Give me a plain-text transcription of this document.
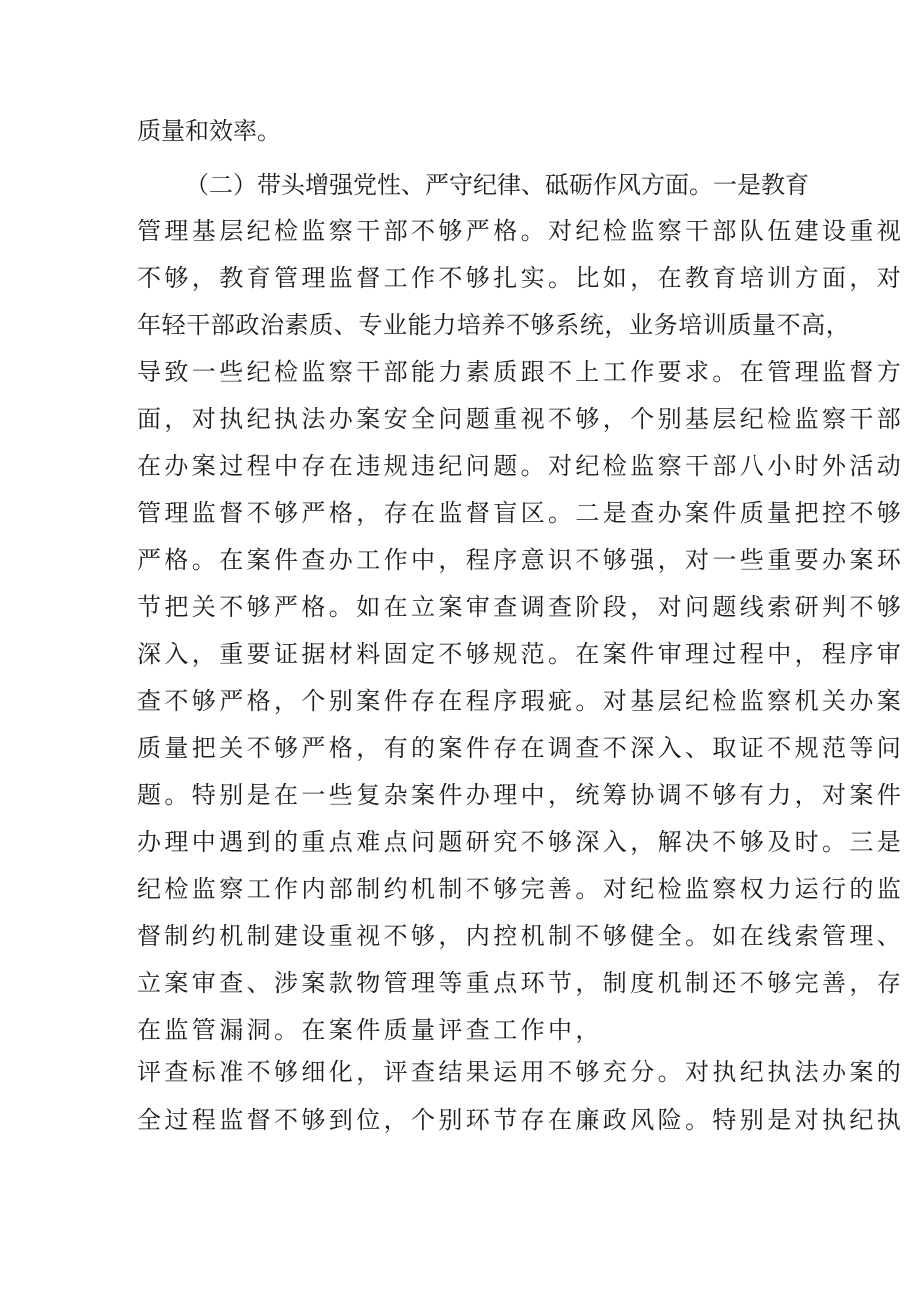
质量和效率。

（二）带头增强党性、严守纪律、砥砺作风方面。一是教育

管理基层纪检监察干部不够严格。对纪检监察干部队伍建设重视

不够，教育管理监督工作不够扎实。比如，在教育培训方面，对

年轻干部政治素质、专业能力培养不够系统，业务培训质量不高，

导致一些纪检监察干部能力素质跟不上工作要求。在管理监督方

面，对执纪执法办案安全问题重视不够，个别基层纪检监察干部

在办案过程中存在违规违纪问题。对纪检监察干部八小时外活动

管理监督不够严格，存在监督盲区。二是查办案件质量把控不够

严格。在案件查办工作中，程序意识不够强，对一些重要办案环

节把关不够严格。如在立案审查调查阶段，对问题线索研判不够

深入，重要证据材料固定不够规范。在案件审理过程中，程序审

查不够严格，个别案件存在程序瑕疵。对基层纪检监察机关办案

质量把关不够严格，有的案件存在调查不深入、取证不规范等问

题。特别是在一些复杂案件办理中，统筹协调不够有力，对案件

办理中遇到的重点难点问题研究不够深入，解决不够及时。三是

纪检监察工作内部制约机制不够完善。对纪检监察权力运行的监

督制约机制建设重视不够，内控机制不够健全。如在线索管理、

立案审查、涉案款物管理等重点环节，制度机制还不够完善，存

在监管漏洞。在案件质量评查工作中，

评查标准不够细化，评查结果运用不够充分。对执纪执法办案的

全过程监督不够到位，个别环节存在廉政风险。特别是对执纪执
